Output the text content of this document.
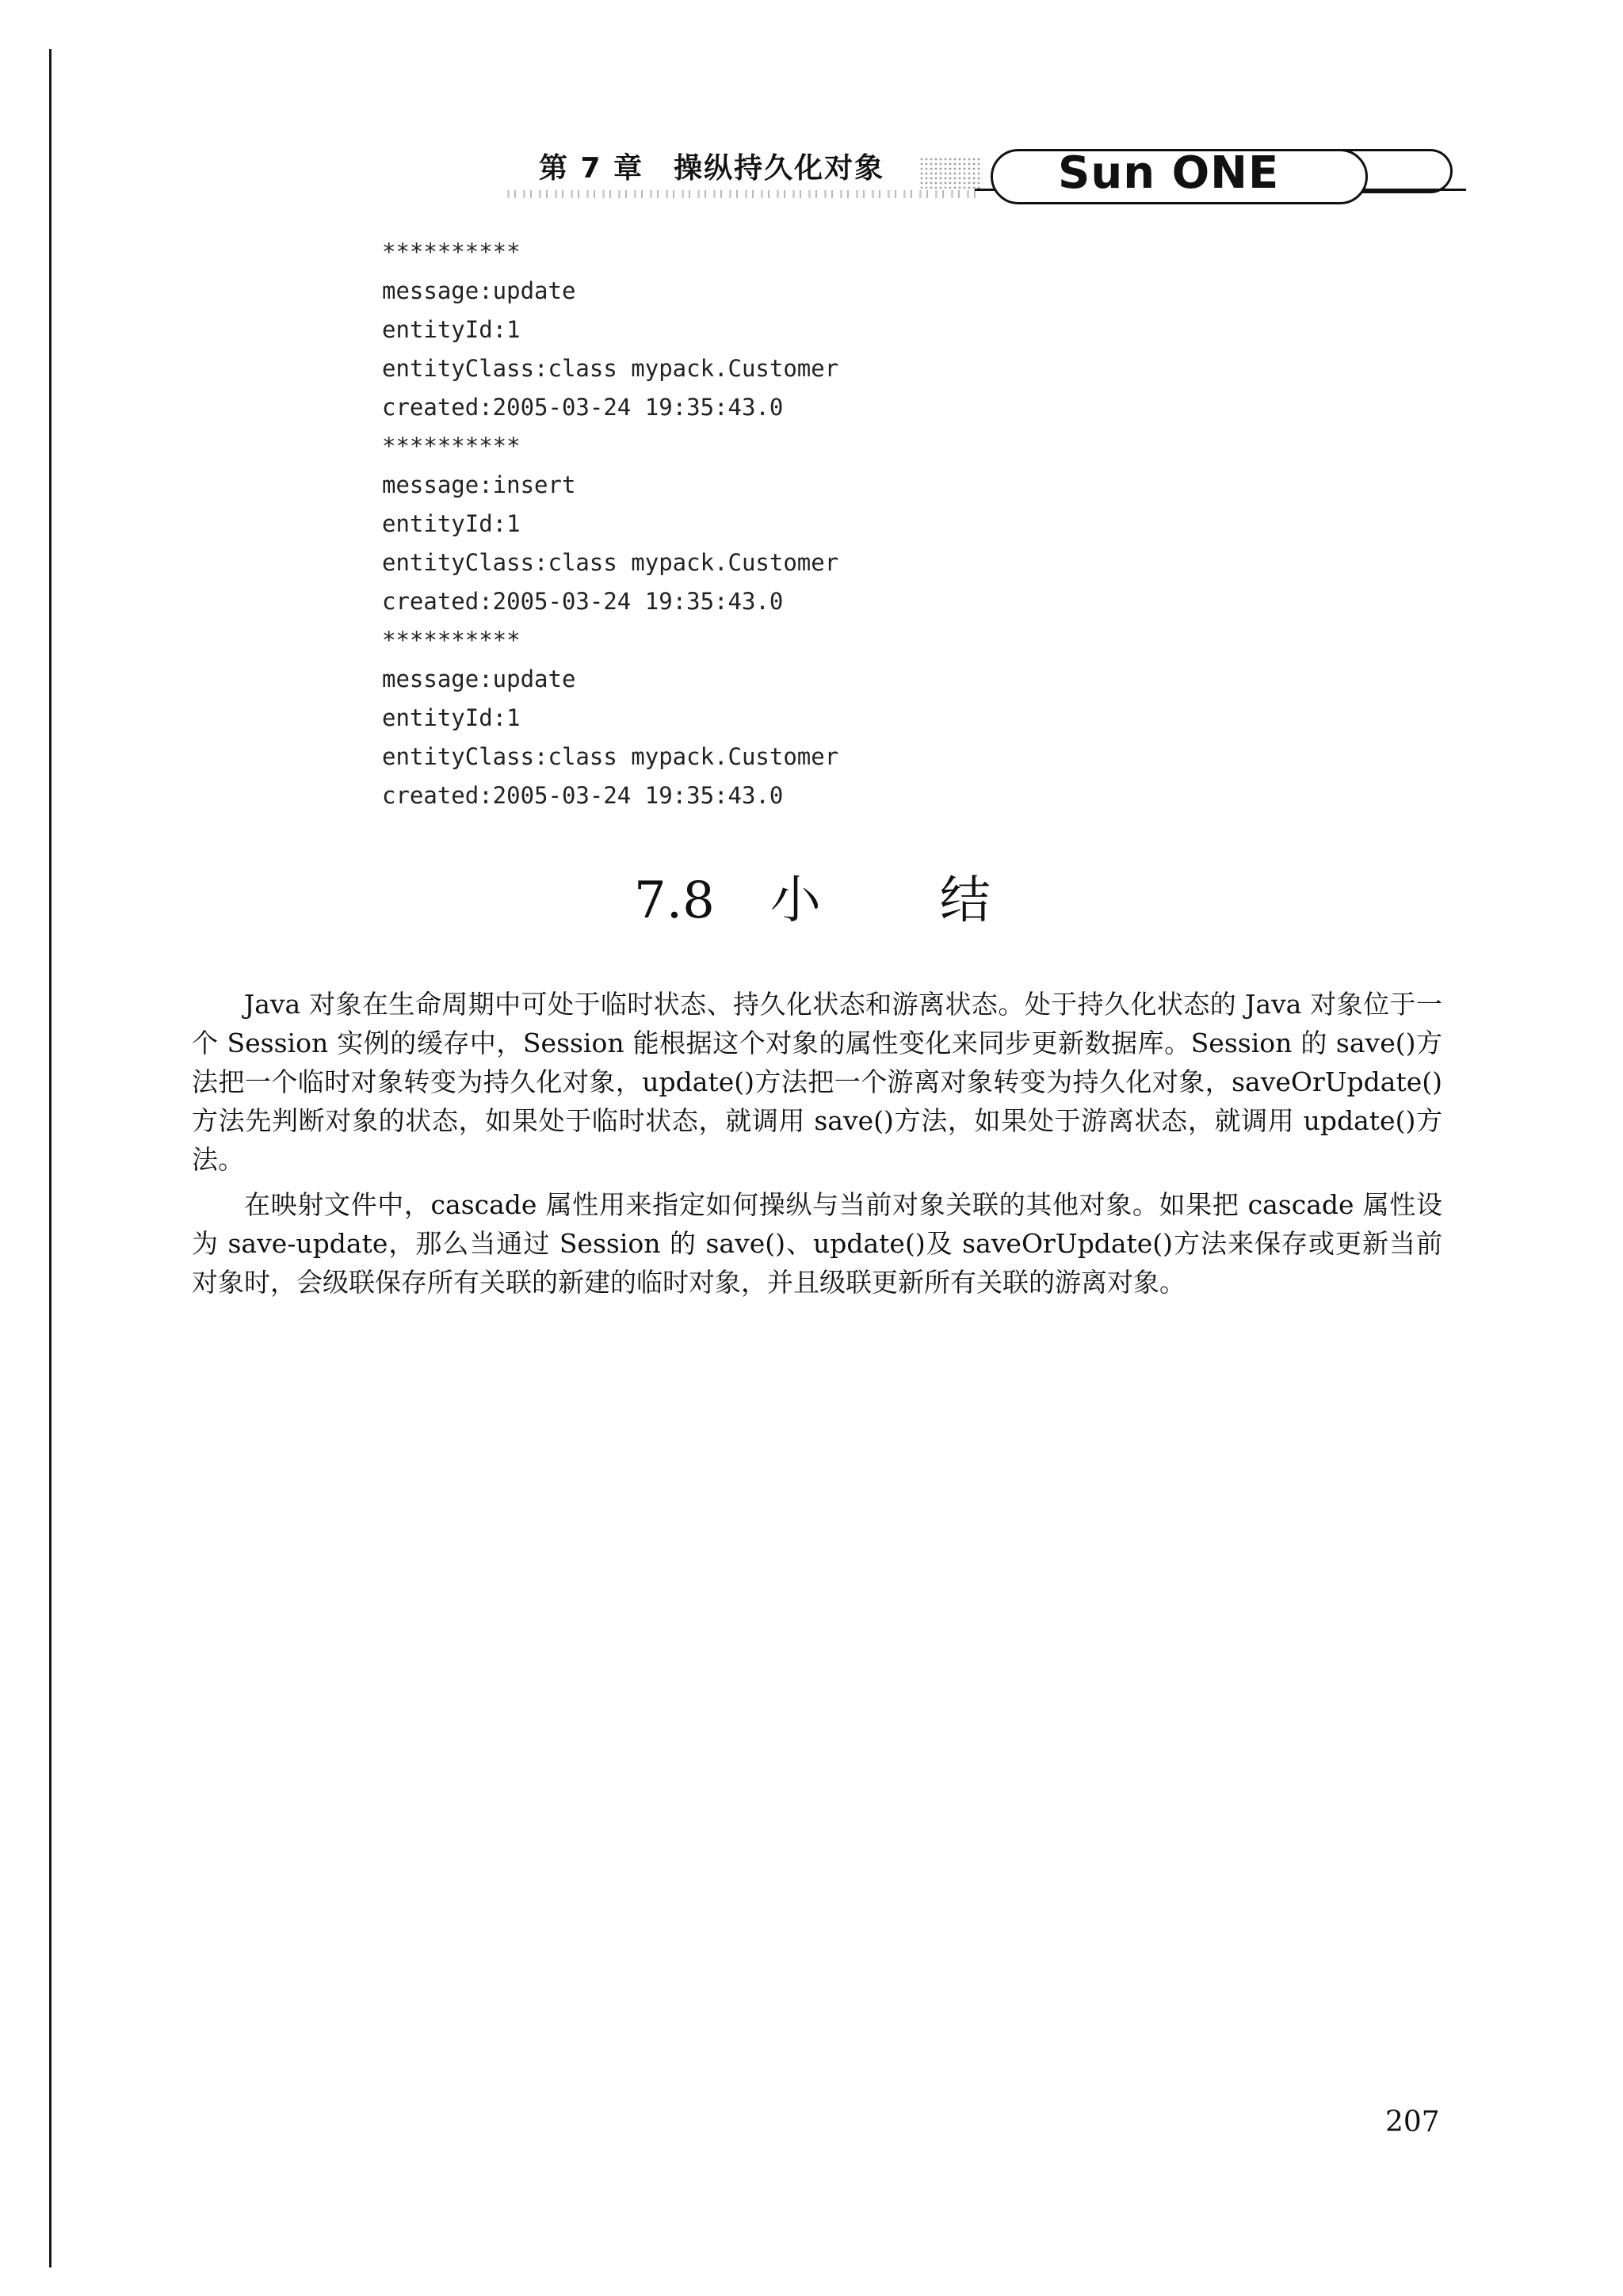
Sun ONE
第 7 章　操纵持久化对象
**********
message:update
entityId:1
entityClass:class mypack.Customer
created:2005-03-24 19:35:43.0
**********
message:insert
entityId:1
entityClass:class mypack.Customer
created:2005-03-24 19:35:43.0
**********
message:update
entityId:1
entityClass:class mypack.Customer
created:2005-03-24 19:35:43.0
7.8 小 结

Java 对象在生命周期中可处于临时状态、持久化状态和游离状态。处于持久化状态的 Java 对象位于一个 Session 实例的缓存中，Session 能根据这个对象的属性变化来同步更新数据库。Session 的 save()方法把一个临时对象转变为持久化对象，update()方法把一个游离对象转变为持久化对象，saveOrUpdate()方法先判断对象的状态，如果处于临时状态，就调用 save()方法，如果处于游离状态，就调用 update()方法。

在映射文件中，cascade 属性用来指定如何操纵与当前对象关联的其他对象。如果把 cascade 属性设为 save-update，那么当通过 Session 的 save()、update()及 saveOrUpdate()方法来保存或更新当前对象时，会级联保存所有关联的新建的临时对象，并且级联更新所有关联的游离对象。

207
